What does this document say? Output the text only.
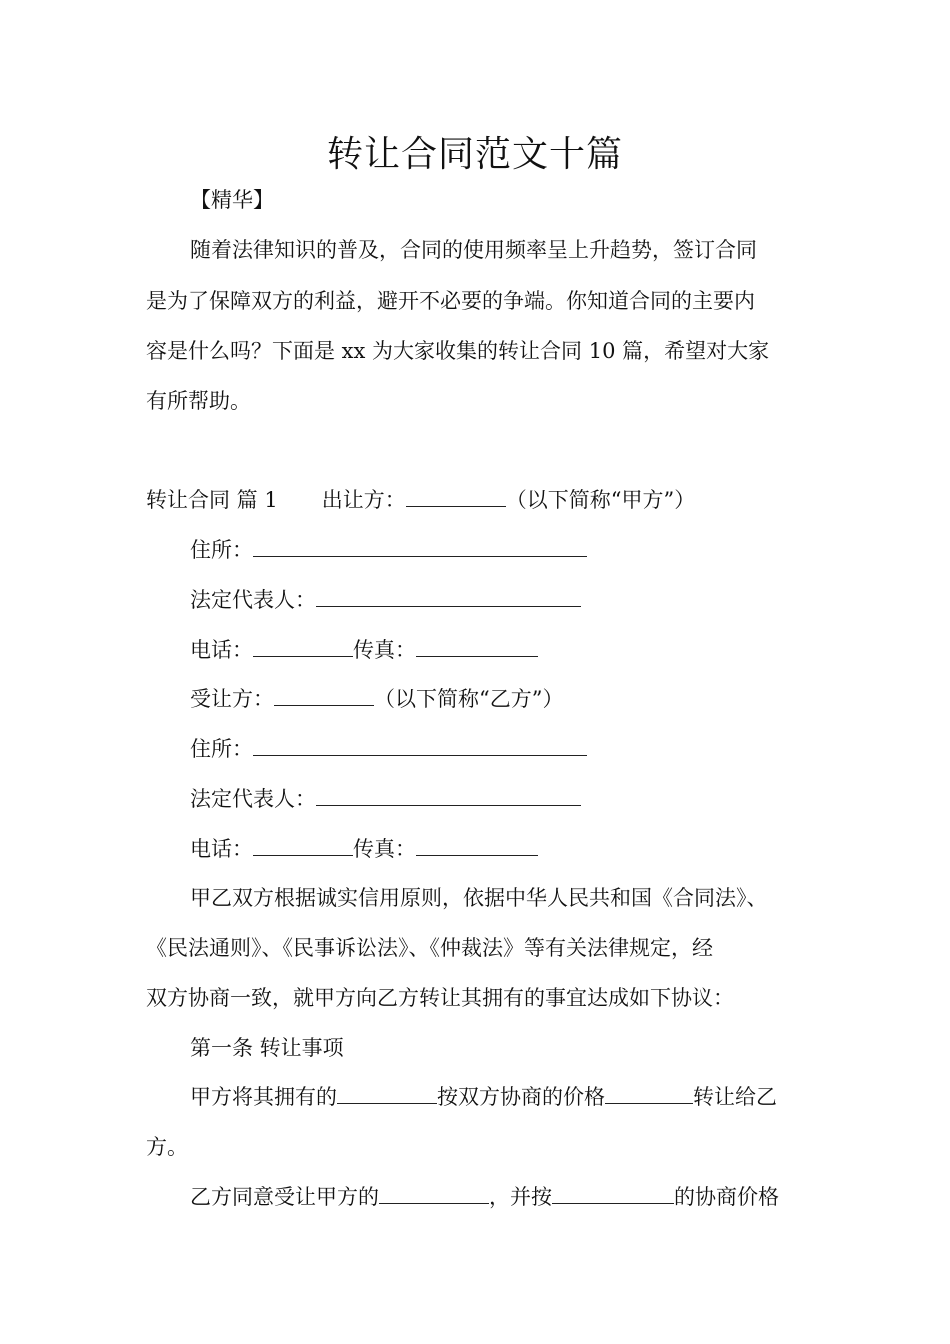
转让合同范文十篇

【精华】

随着法律知识的普及，合同的使用频率呈上升趋势，签订合同

是为了保障双方的利益，避开不必要的争端。你知道合同的主要内

容是什么吗？下面是 xx 为大家收集的转让合同 10 篇，希望对大家

有所帮助。

转让合同 篇 1 出让方：	（以下简称“甲方”）

住所：

法定代表人：

电话：	传真：

受让方：	（以下简称“乙方”）

住所：

法定代表人：

电话：	传真：

甲乙双方根据诚实信用原则，依据中华人民共和国《合同法》、

《民法通则》、《民事诉讼法》、《仲裁法》等有关法律规定，经

双方协商一致，就甲方向乙方转让其拥有的事宜达成如下协议：

第一条 转让事项

甲方将其拥有的	按双方协商的价格	转让给乙

方。

乙方同意受让甲方的	，并按	的协商价格
